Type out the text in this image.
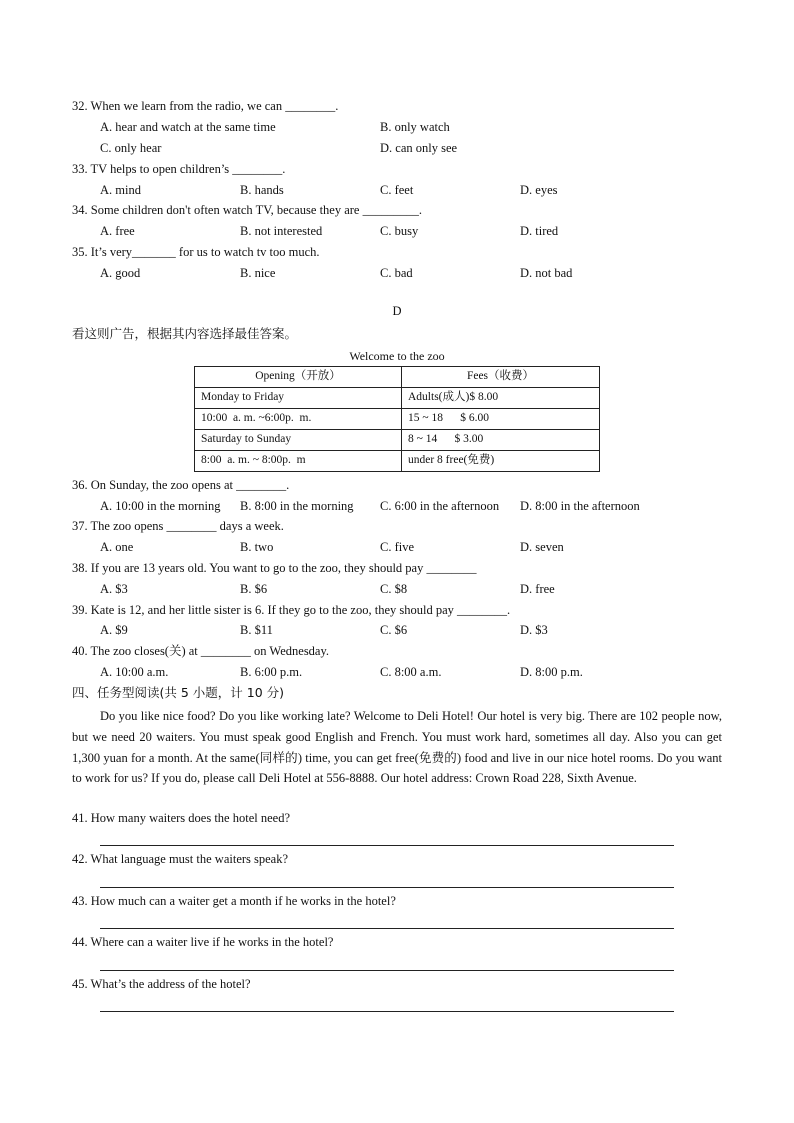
32. When we learn from the radio, we can ________.
A. hear and watch at the same time	B. only watch
C. only hear	D. can only see
33. TV helps to open children’s ________.
A. mind	B. hands	C. feet	D. eyes
34. Some children don't often watch TV, because they are _________.
A. free	B. not interested	C. busy	D. tired
35. It’s very_______ for us to watch tv too much.
A. good	B. nice	C. bad	D. not bad
D
看这则广告，根据其内容选择最佳答案。
Welcome to the zoo
Opening（开放）	Fees（收费）
Monday to Friday	Adults(成人)$ 8.00
10:00  a. m. ~6:00p.  m.	15 ~ 18      $ 6.00
Saturday to Sunday	8 ~ 14      $ 3.00
8:00  a. m. ~ 8:00p.  m	under 8 free(免费)
36. On Sunday, the zoo opens at ________.
A. 10:00 in the morning B. 8:00 in the morning C. 6:00 in the afternoon D. 8:00 in the afternoon
37. The zoo opens ________ days a week.
A. one	B. two	C. five	D. seven
38. If you are 13 years old. You want to go to the zoo, they should pay ________
A. $3	B. $6	C. $8	D. free
39. Kate is 12, and her little sister is 6. If they go to the zoo, they should pay ________.
A. $9	B. $11	C. $6	D. $3
40. The zoo closes(关) at ________ on Wednesday.
A. 10:00 a.m.	B. 6:00 p.m.	C. 8:00 a.m.	D. 8:00 p.m.
四、任务型阅读(共 5 小题，计 10 分)
Do you like nice food? Do you like working late? Welcome to Deli Hotel! Our hotel is very big. There are 102 people now, but we need 20 waiters. You must speak good English and French. You must work hard, sometimes all day. Also you can get 1,300 yuan for a month. At the same(同样的) time, you can get free(免费的) food and live in our nice hotel rooms. Do you want to work for us? If you do, please call Deli Hotel at 556-8888. Our hotel address: Crown Road 228, Sixth Avenue.
41. How many waiters does the hotel need?
42. What language must the waiters speak?
43. How much can a waiter get a month if he works in the hotel?
44. Where can a waiter live if he works in the hotel?
45. What’s the address of the hotel?
